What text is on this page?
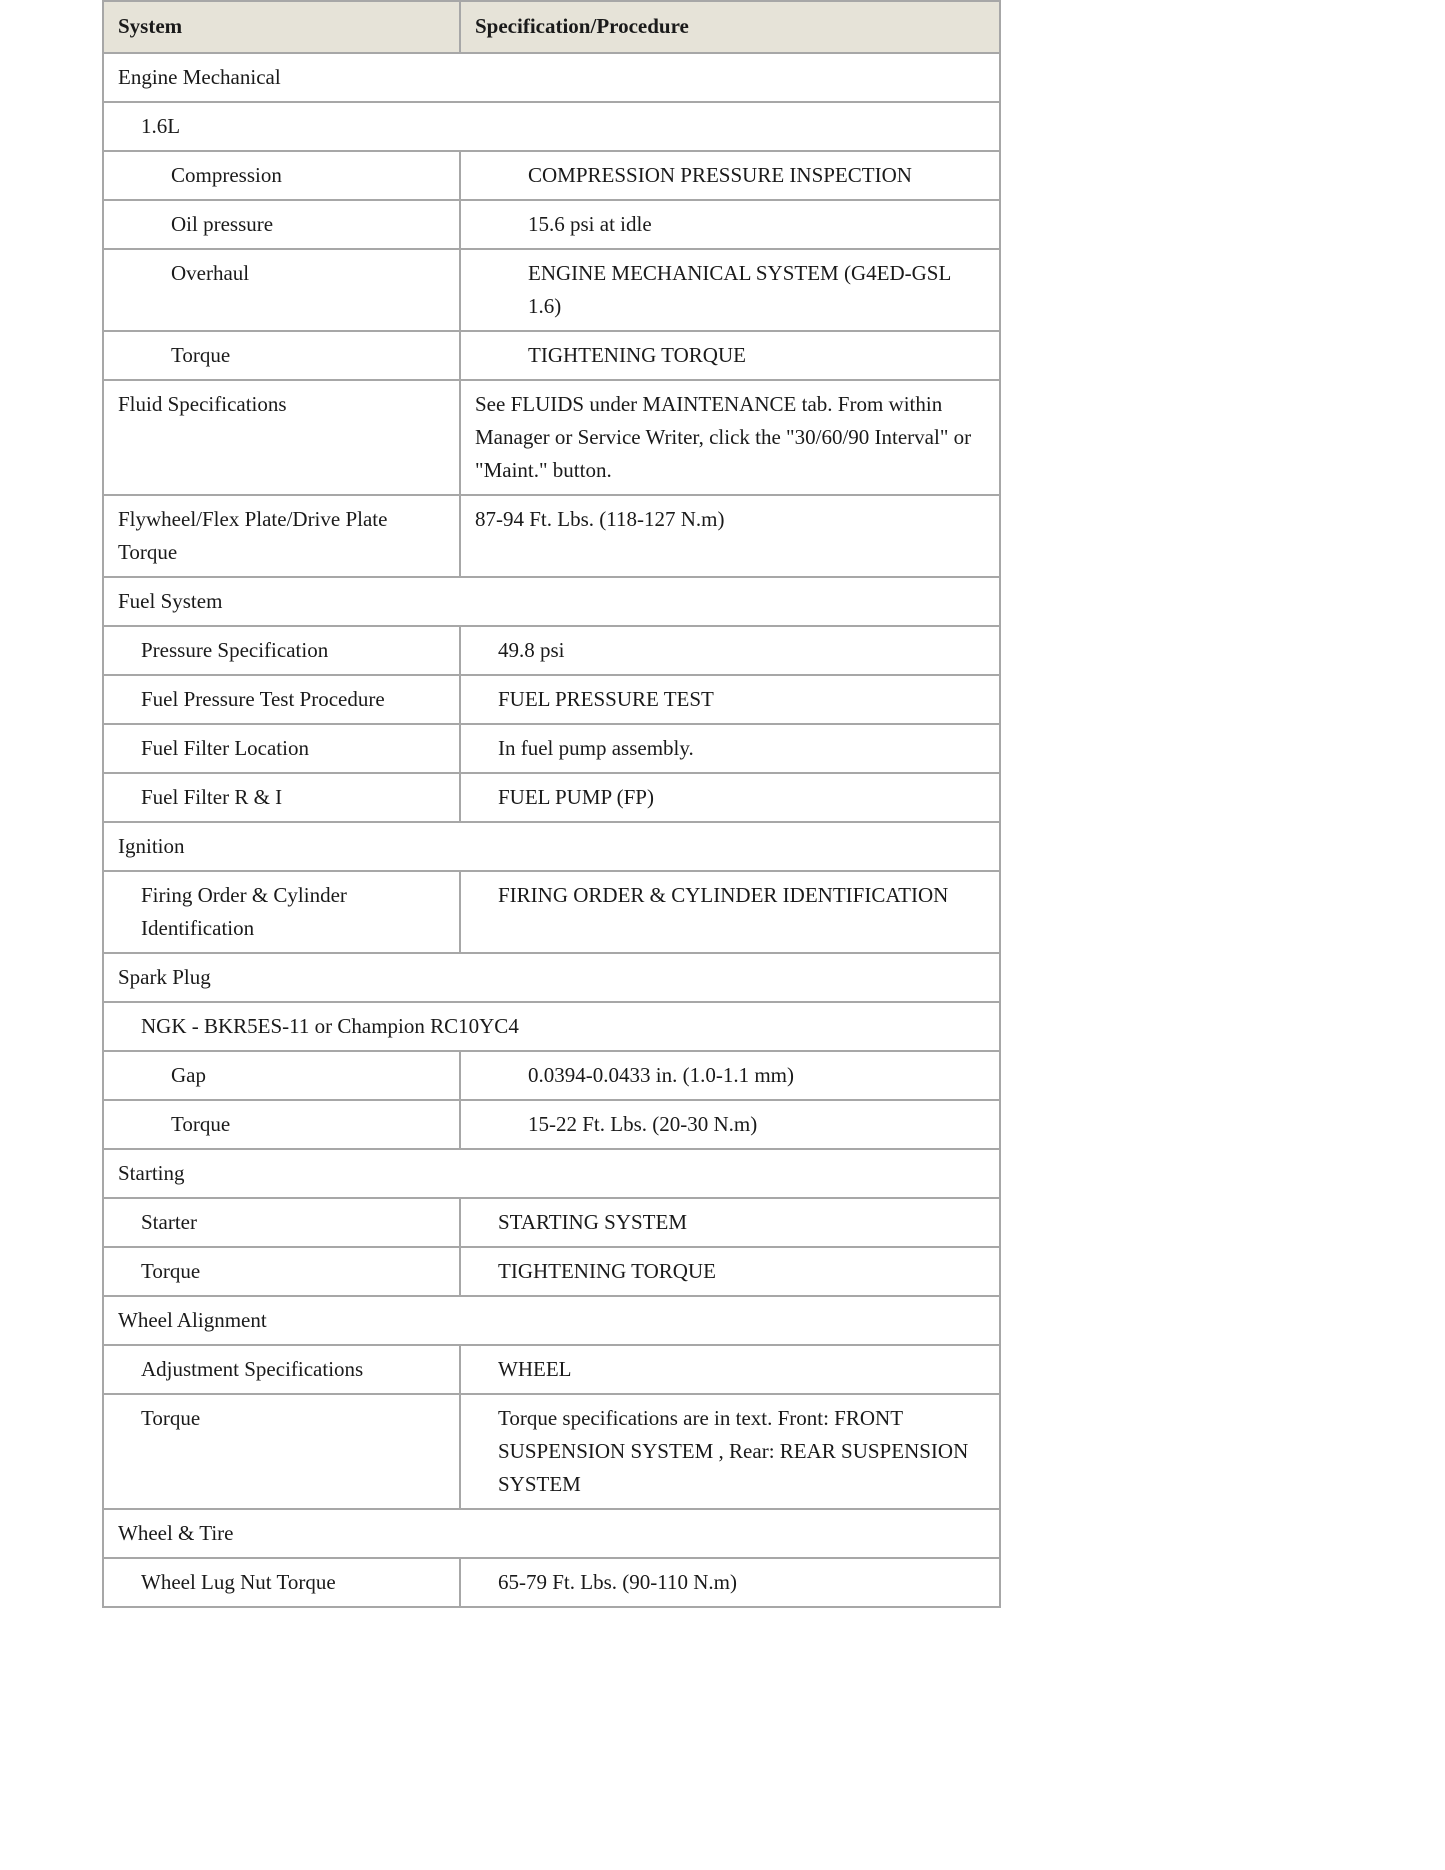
System	Specification/Procedure
Engine Mechanical	
1.6L	
Compression	COMPRESSION PRESSURE INSPECTION
Oil pressure	15.6 psi at idle
Overhaul	ENGINE MECHANICAL SYSTEM (G4ED-GSL 1.6)
Torque	TIGHTENING TORQUE
Fluid Specifications	See FLUIDS under MAINTENANCE tab. From within Manager or Service Writer, click the "30/60/90 Interval" or "Maint." button.
Flywheel/Flex Plate/Drive Plate Torque	87-94 Ft. Lbs. (118-127 N.m)
Fuel System	
Pressure Specification	49.8 psi
Fuel Pressure Test Procedure	FUEL PRESSURE TEST
Fuel Filter Location	In fuel pump assembly.
Fuel Filter R & I	FUEL PUMP (FP)
Ignition	
Firing Order & Cylinder Identification	FIRING ORDER & CYLINDER IDENTIFICATION
Spark Plug	
NGK - BKR5ES-11 or Champion RC10YC4	
Gap	0.0394-0.0433 in. (1.0-1.1 mm)
Torque	15-22 Ft. Lbs. (20-30 N.m)
Starting	
Starter	STARTING SYSTEM
Torque	TIGHTENING TORQUE
Wheel Alignment	
Adjustment Specifications	WHEEL
Torque	Torque specifications are in text. Front: FRONT SUSPENSION SYSTEM , Rear: REAR SUSPENSION SYSTEM
Wheel & Tire	
Wheel Lug Nut Torque	65-79 Ft. Lbs. (90-110 N.m)
